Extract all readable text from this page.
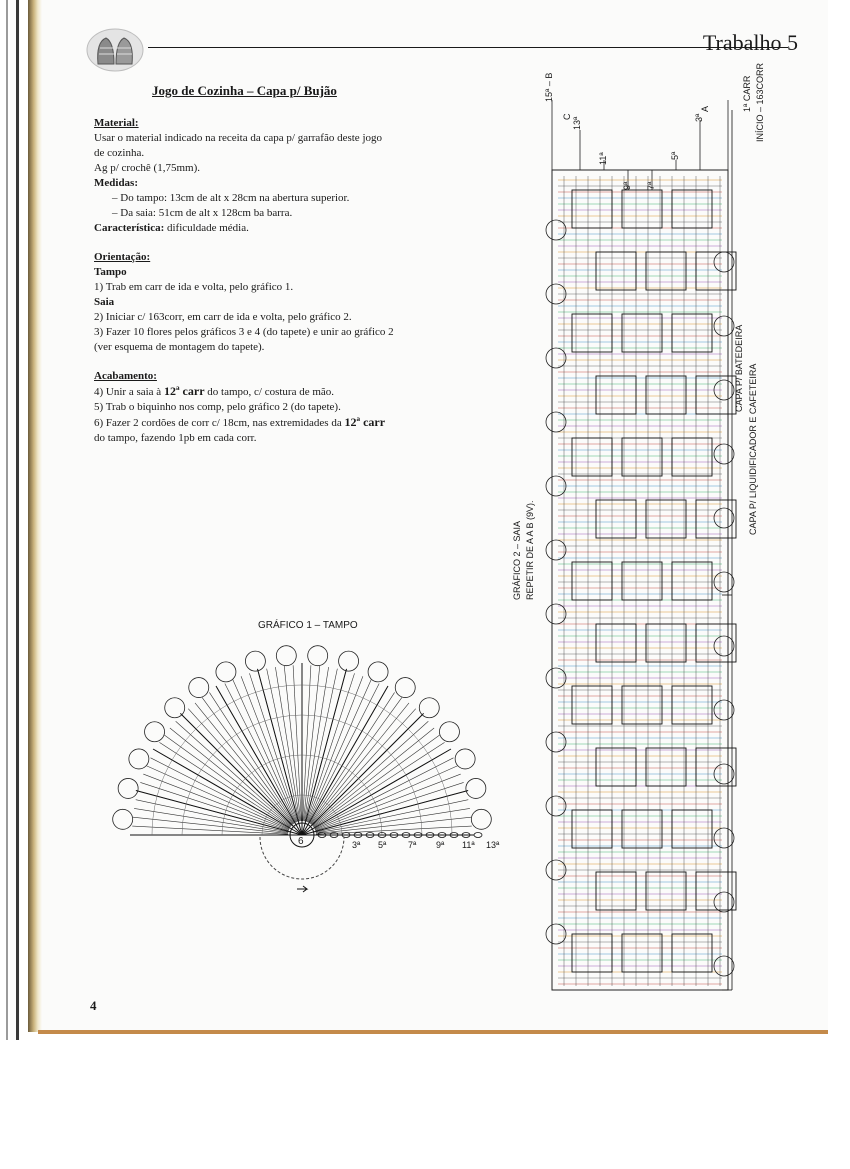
Trabalho 5
Jogo de Cozinha – Capa p/ Bujão

Material:

Usar o material indicado na receita da capa p/ garrafão deste jogo

de cozinha.

Ag p/ crochê (1,75mm).

Medidas:

– Do tampo: 13cm de alt x 28cm na abertura superior.

– Da saia: 51cm de alt x 128cm ba barra.

Característica: dificuldade média.

Orientação:

Tampo

1) Trab em carr de ida e volta, pelo gráfico 1.

Saia

2) Iniciar c/ 163corr, em carr de ida e volta, pelo gráfico 2.

3) Fazer 10 flores pelos gráficos 3 e 4 (do tapete) e unir ao gráfico 2

(ver esquema de montagem do tapete).

Acabamento:

4) Unir a saia à 12ª carr do tampo, c/ costura de mão.

5) Trab o biquinho nos comp, pelo gráfico 2 (do tapete).

6) Fazer 2 cordões de corr c/ 18cm, nas extremidades da 12ª carr

do tampo, fazendo 1pb em cada corr.

GRÁFICO 1 – TAMPO
6	3ª 5ª 7ª 9ª 11ª 13ª
GRÁFICO 2 – SAIA REPETIR DE A A B (9V).
INÍCIO – 163CORR
1ª CARR
CAPA P/ BATEDEIRA CAPA P/ LIQUIDIFICADOR E CAFETEIRA
15ª – B
A
C 13ª
11ª
9ª 7ª
5ª
3ª
4
